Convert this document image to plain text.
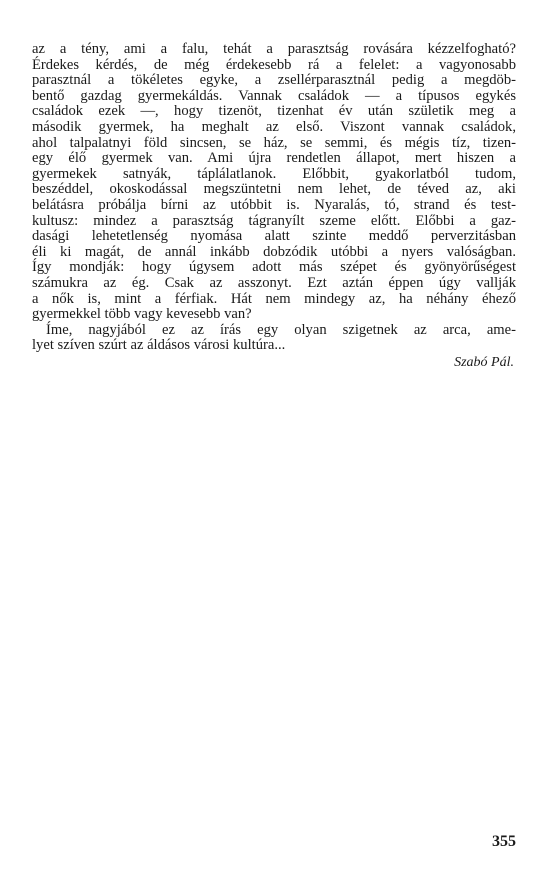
az a tény, ami a falu, tehát a parasztság rovására kézzelfogható?
Érdekes kérdés, de még érdekesebb rá a felelet: a vagyonosabb
parasztnál a tökéletes egyke, a zsellérparasztnál pedig a megdöb-
bentő gazdag gyermekáldás. Vannak családok — a típusos egykés
családok ezek —, hogy tizenöt, tizenhat év után születik meg a
második gyermek, ha meghalt az első. Viszont vannak családok,
ahol talpalatnyi föld sincsen, se ház, se semmi, és mégis tíz, tizen-
egy élő gyermek van. Ami újra rendetlen állapot, mert hiszen a
gyermekek satnyák, táplálatlanok. Előbbit, gyakorlatból tudom,
beszéddel, okoskodással megszüntetni nem lehet, de téved az, aki
belátásra próbálja bírni az utóbbit is. Nyaralás, tó, strand és test-
kultusz: mindez a parasztság tágranyílt szeme előtt. Előbbi a gaz-
dasági lehetetlenség nyomása alatt szinte meddő perverzitásban
éli ki magát, de annál inkább dobzódik utóbbi a nyers valóságban.
Így mondják: hogy úgysem adott más szépet és gyönyörűségest
számukra az ég. Csak az asszonyt. Ezt aztán éppen úgy vallják
a nők is, mint a férfiak. Hát nem mindegy az, ha néhány éhező
gyermekkel több vagy kevesebb van?
Íme, nagyjából ez az írás egy olyan szigetnek az arca, ame-
lyet szíven szúrt az áldásos városi kultúra...
Szabó Pál.
355
